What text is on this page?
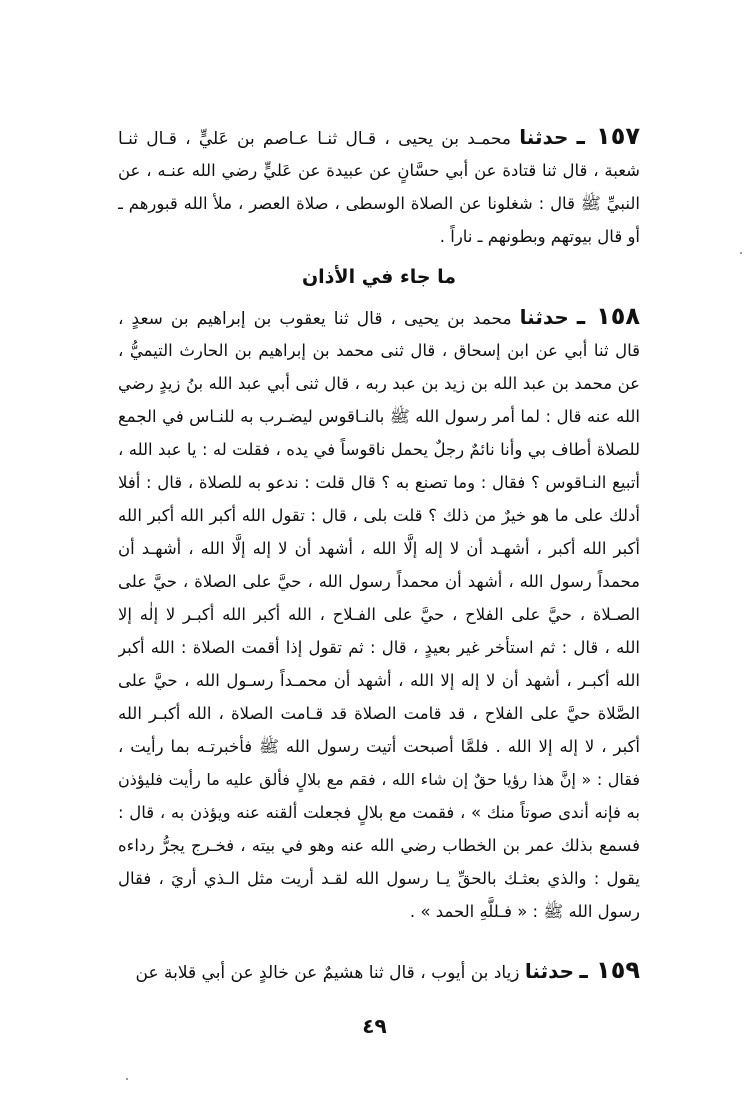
١٥٧ ـ حدثنا محمـد بن يحيى ، قـال ثنـا عـاصم بن عَليٍّ ، قـال ثنـا
شعبة ، قال ثنا قتادة عن أبي حسَّانٍ عن عبيدة عن عَليٍّ رضي الله عنـه ، عن
النبيِّ ﷺ قال : شغلونا عن الصلاة الوسطى ، صلاة العصر ، ملأ الله قبورهم ـ
أو قال بيوتهم وبطونهم ـ ناراً .
ما جاء في الأذان
١٥٨ ـ حدثنا محمد بن يحيى ، قال ثنا يعقوب بن إبراهيم بن سعدٍ ،
قال ثنا أبي عن ابن إسحاق ، قال ثنى محمد بن إبراهيم بن الحارث التيميُّ ،
عن محمد بن عبد الله بن زيد بن عبد ربه ، قال ثنى أبي عبد الله بنُ زيدٍ رضي
الله عنه قال : لما أمر رسول الله ﷺ بالنـاقوس ليضـرب به للنـاس في الجمع
للصلاة أطاف بي وأنا نائمٌ رجلٌ يحمل ناقوساً في يده ، فقلت له : يا عبد الله ،
أتبيع النـاقوس ؟ فقال : وما تصنع به ؟ قال قلت : ندعو به للصلاة ، قال : أفلا
أدلك على ما هو خيرٌ من ذلك ؟ قلت بلى ، قال : تقول الله أكبر الله أكبر الله
أكبر الله أكبر ، أشهـد أن لا إله إلَّا الله ، أشهد أن لا إله إلَّا الله ، أشهـد أن
محمداً رسول الله ، أشهد أن محمداً رسول الله ، حيَّ على الصلاة ، حيَّ على
الصـلاة ، حيَّ على الفلاح ، حيَّ على الفـلاح ، الله أكبر الله أكبـر لا إلٰه إلا
الله ، قال : ثم استأخر غير بعيدٍ ، قال : ثم تقول إذا أقمت الصلاة : الله أكبر
الله أكبـر ، أشهد أن لا إله إلا الله ، أشهد أن محمـداً رسـول الله ، حيَّ على
الصَّلاة حيَّ على الفلاح ، قد قامت الصلاة قد قـامت الصلاة ، الله أكبـر الله
أكبر ، لا إله إلا الله . فلمَّا أصبحت أتيت رسول الله ﷺ فأخبرتـه بما رأيت ،
فقال : « إنَّ هذا رؤيا حقٌ إن شاء الله ، فقم مع بلالٍ فألق عليه ما رأيت فليؤذن
به فإنه أندى صوتاً منك » ، فقمت مع بلالٍ فجعلت ألقنه عنه ويؤذن به ، قال :
فسمع بذلك عمر بن الخطاب رضي الله عنه وهو في بيته ، فخـرج يجرُّ رداءه
يقول : والذي بعثـك بالحقِّ يـا رسول الله لقـد أريت مثل الـذي أريَ ، فقال
رسول الله ﷺ : « فـللَّهِ الحمد » .
١٥٩ ـ حدثنا زياد بن أيوب ، قال ثنا هشيمٌ عن خالدٍ عن أبي قلابة عن
٤٩
